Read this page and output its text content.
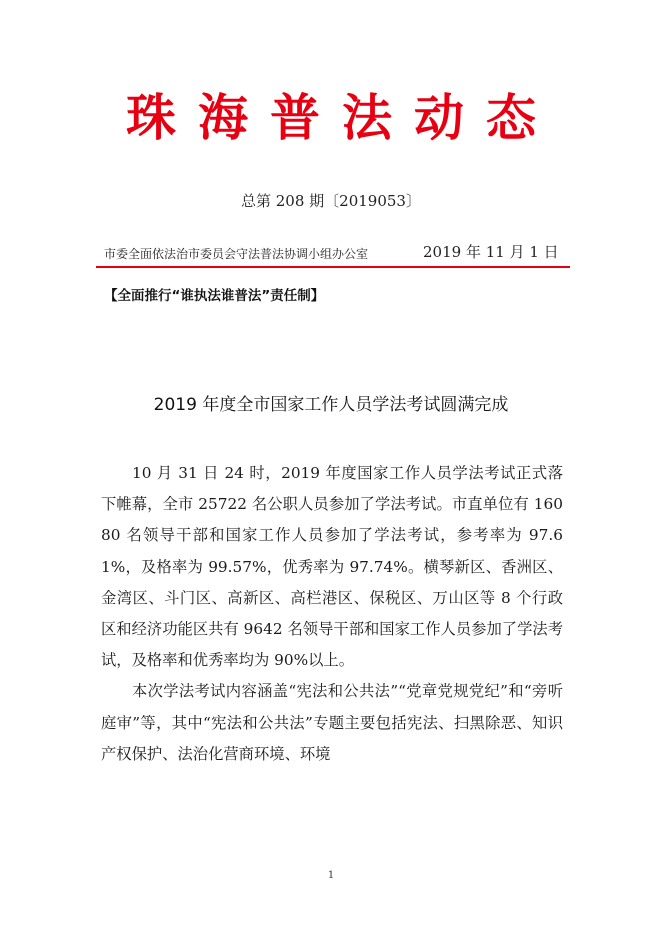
珠海普法动态
总第 208 期〔2019053〕
市委全面依法治市委员会守法普法协调小组办公室	2019 年 11 月 1 日
【全面推行“谁执法谁普法”责任制】
2019 年度全市国家工作人员学法考试圆满完成

10 月 31 日 24 时，2019 年度国家工作人员学法考试正式落下帷幕，全市 25722 名公职人员参加了学法考试。市直单位有 16080 名领导干部和国家工作人员参加了学法考试，参考率为 97.61%，及格率为 99.57%，优秀率为 97.74%。横琴新区、香洲区、金湾区、斗门区、高新区、高栏港区、保税区、万山区等 8 个行政区和经济功能区共有 9642 名领导干部和国家工作人员参加了学法考试，及格率和优秀率均为 90%以上。

本次学法考试内容涵盖“宪法和公共法”“党章党规党纪”和“旁听庭审”等，其中“宪法和公共法”专题主要包括宪法、扫黑除恶、知识产权保护、法治化营商环境、环境

1
